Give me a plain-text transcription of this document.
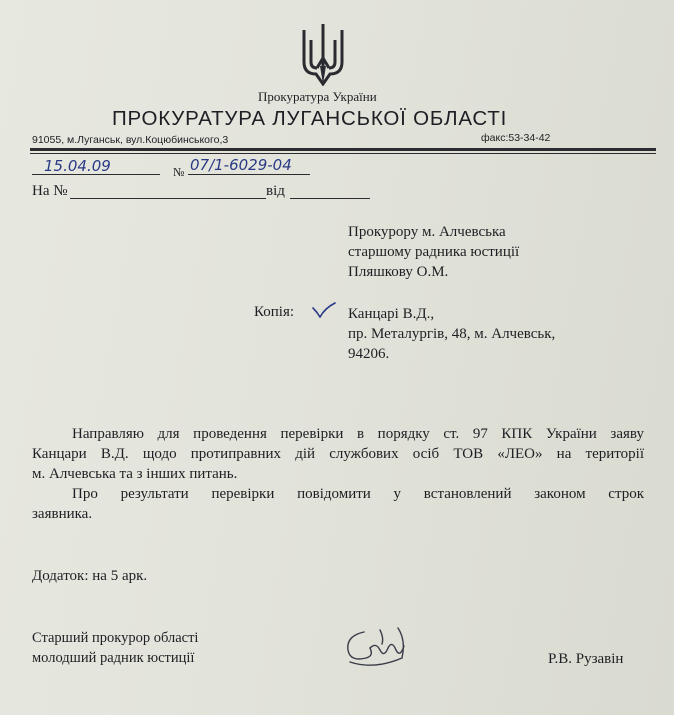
Прокуратура України
ПРОКУРАТУРА ЛУГАНСЬКОЇ ОБЛАСТІ
91055, м.Луганськ, вул.Коцюбинського,3	факс:53-34-42
15.04.09	№ 07/1-6029-04
На №	від
Прокурору м. Алчевська
старшому радника юстиції
Пляшкову О.М.
Копія:	Канцарі В.Д.,
пр. Металургів, 48, м. Алчевськ,
94206.
Направляю для проведення перевірки в порядку ст. 97 КПК України заяву
Канцари В.Д. щодо протиправних дій службових осіб ТОВ «ЛЕО» на території
м. Алчевська та з інших питань.
Про результати перевірки повідомити у встановлений законом строк
заявника.
Додаток: на 5 арк.
Старший прокурор області
молодший радник юстиції	Р.В. Рузавін
